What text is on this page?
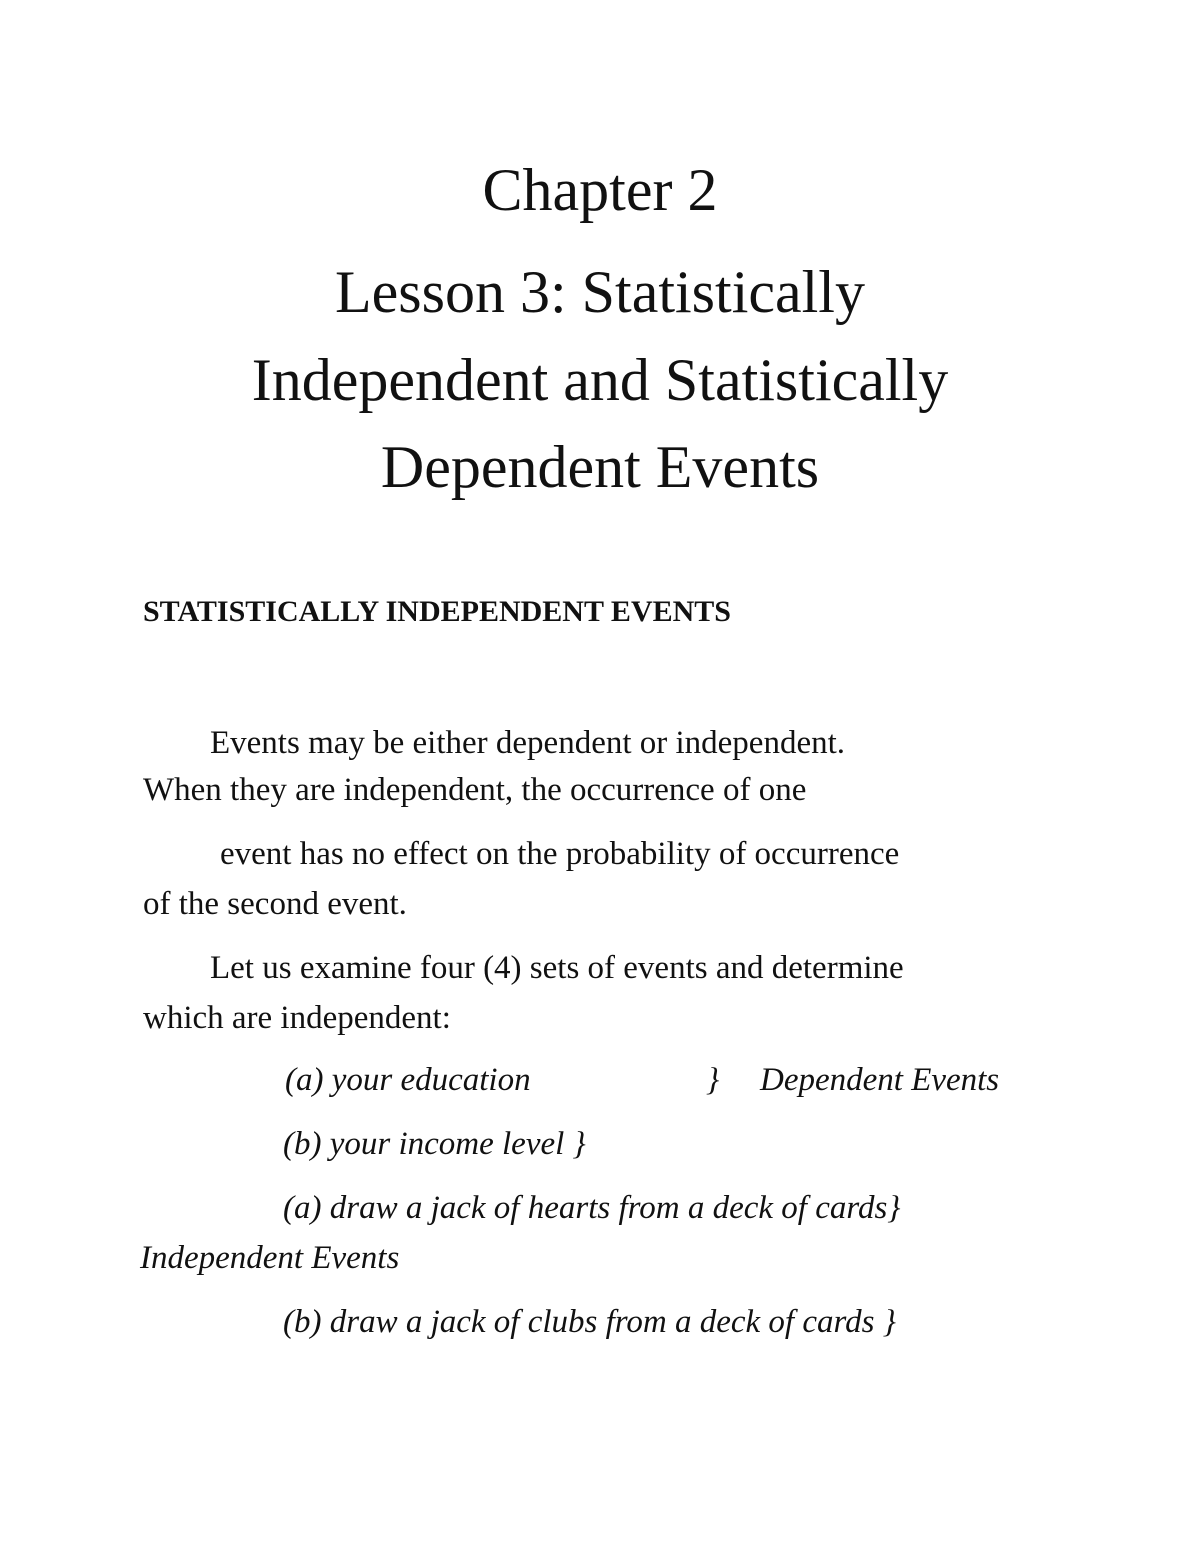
Chapter 2
Lesson 3: Statistically
Independent and Statistically
Dependent Events
STATISTICALLY INDEPENDENT EVENTS
Events may be either dependent or independent.
When they are independent, the occurrence of one
event has no effect on the probability of occurrence
of the second event.
Let us examine four (4) sets of events and determine
which are independent:
(a) your education	} Dependent Events
(b) your income level }
(a) draw a jack of hearts from a deck of cards}
Independent Events
(b) draw a jack of clubs from a deck of cards }
